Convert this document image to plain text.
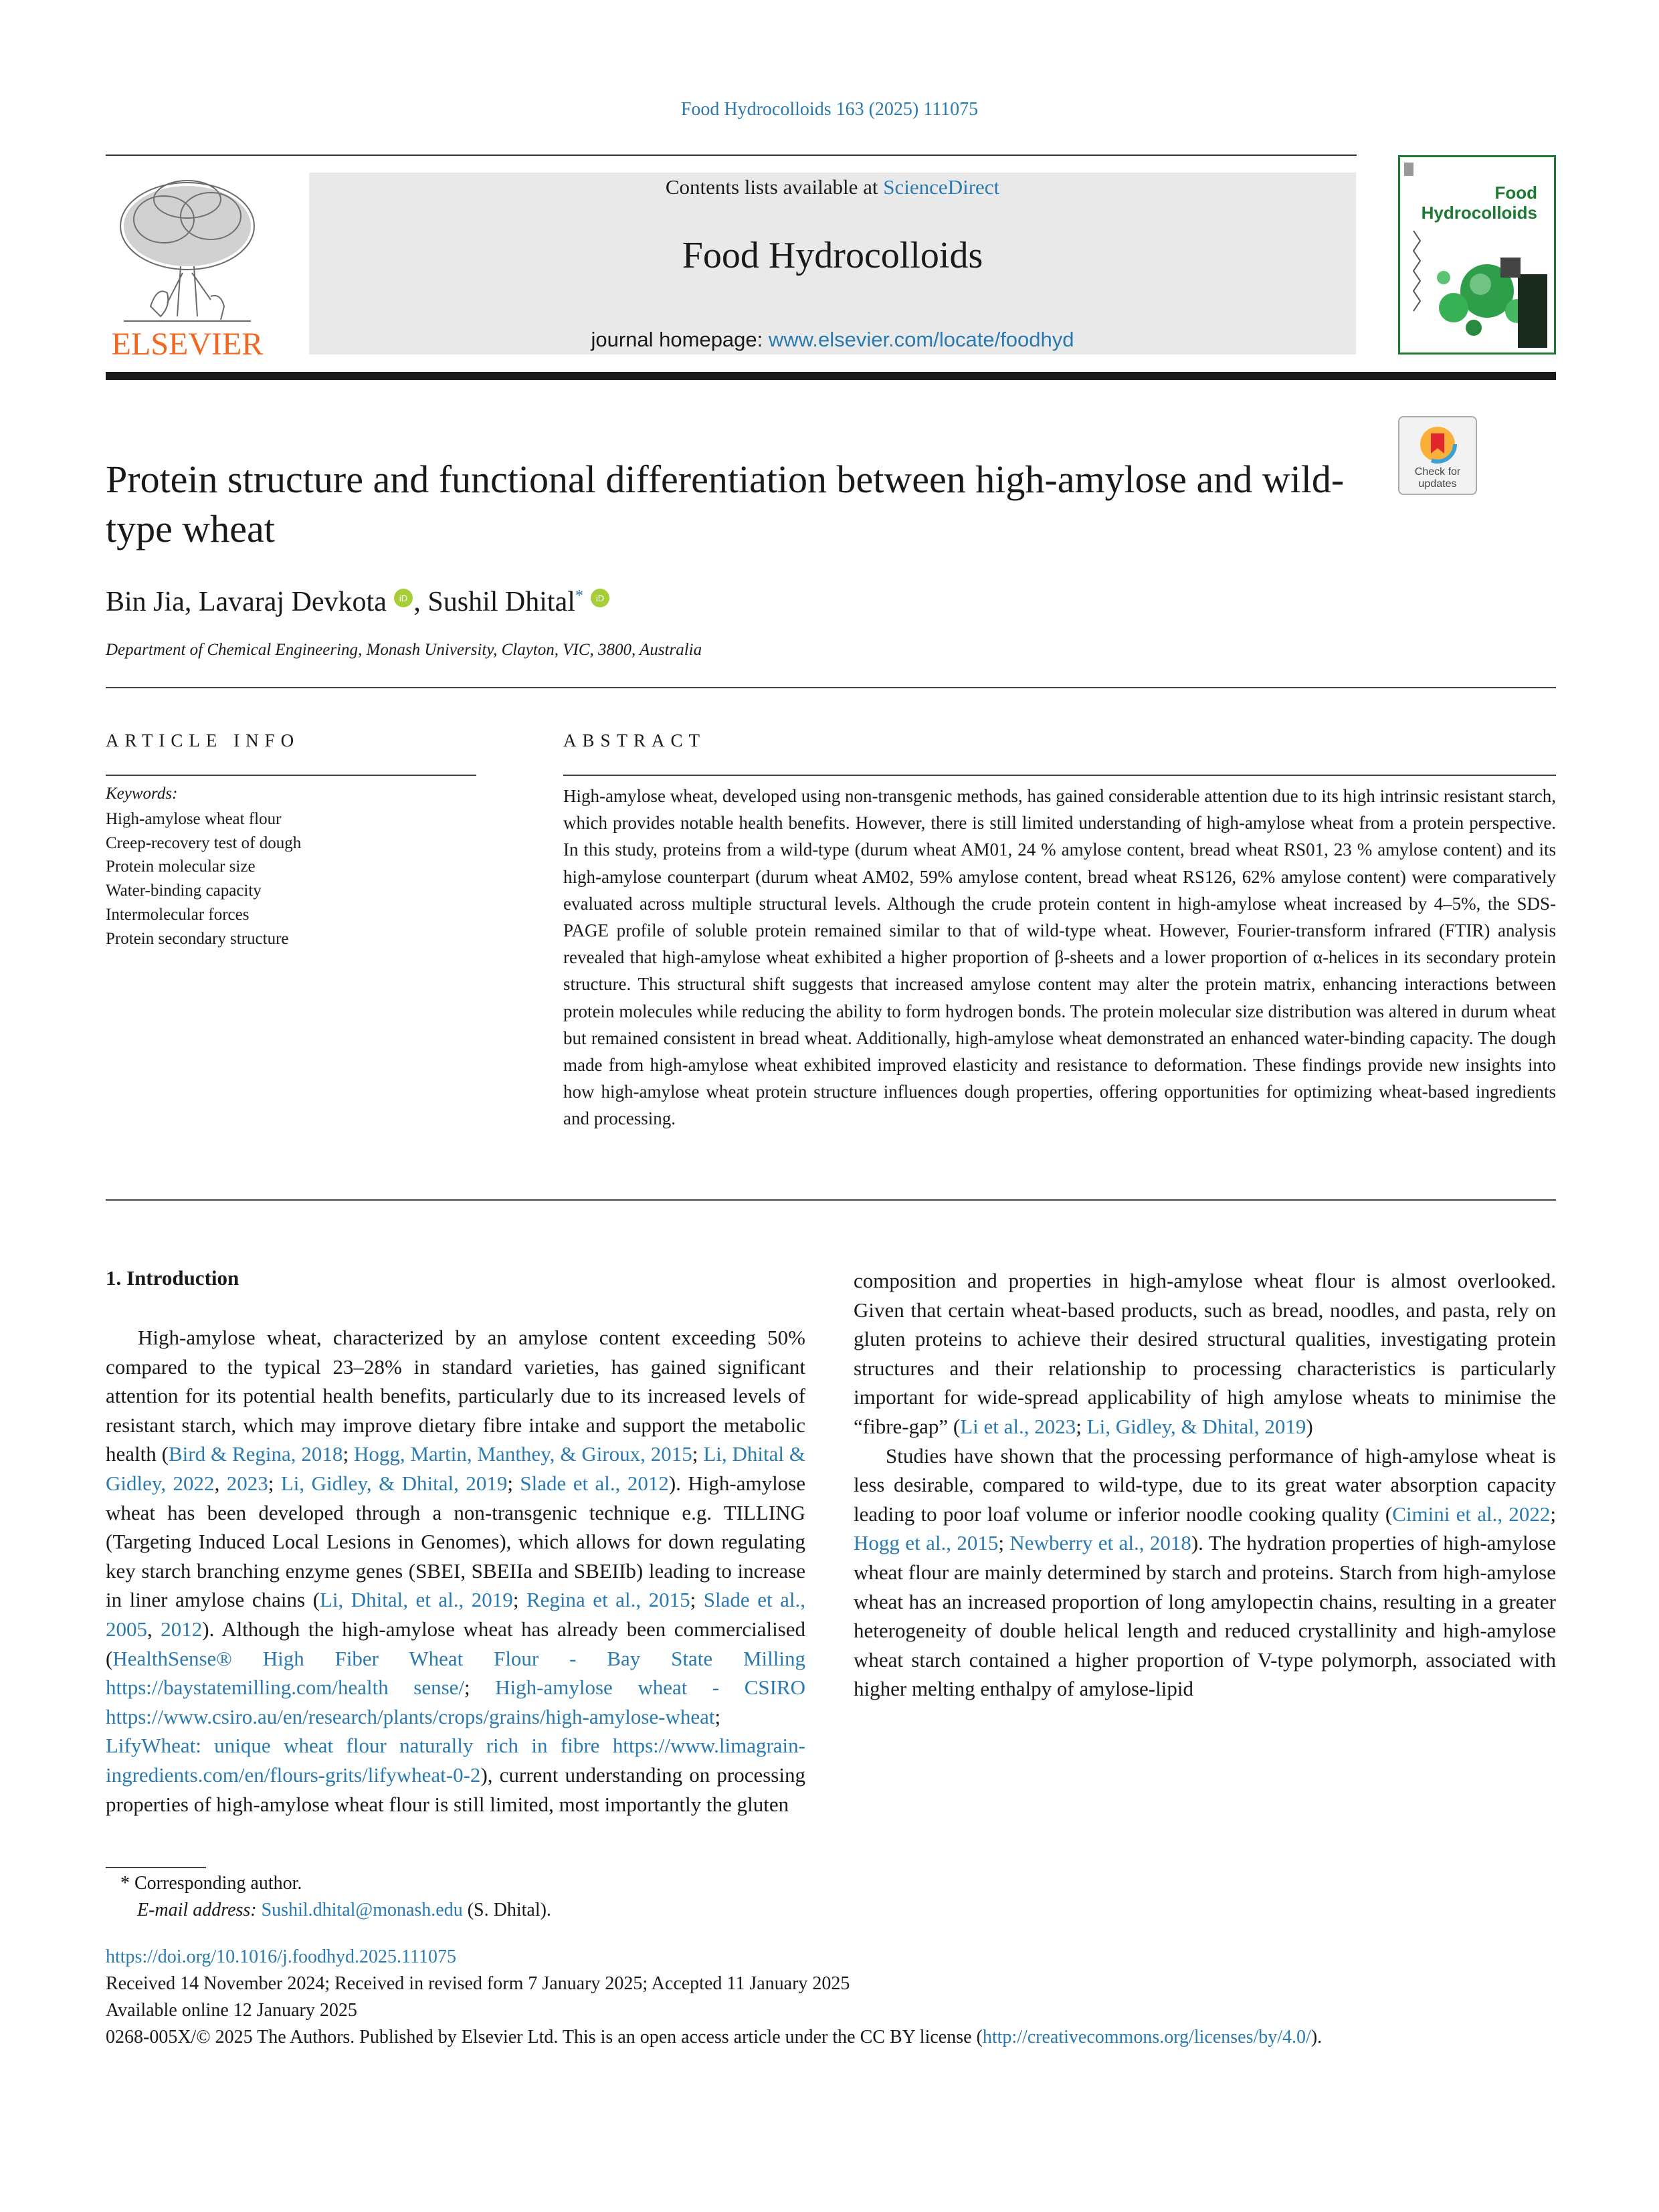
Food Hydrocolloids 163 (2025) 111075
ELSEVIER
Contents lists available at ScienceDirect
Food Hydrocolloids
journal homepage: www.elsevier.com/locate/foodhyd
Food
Hydrocolloids
Protein structure and functional differentiation between high-amylose and wild-type wheat
Check for
updates
Bin Jia, Lavaraj Devkota iD , Sushil Dhital* iD
Department of Chemical Engineering, Monash University, Clayton, VIC, 3800, Australia
ARTICLE INFO
Keywords:
High-amylose wheat flour
Creep-recovery test of dough
Protein molecular size
Water-binding capacity
Intermolecular forces
Protein secondary structure
ABSTRACT
High-amylose wheat, developed using non-transgenic methods, has gained considerable attention due to its high intrinsic resistant starch, which provides notable health benefits. However, there is still limited understanding of high-amylose wheat from a protein perspective. In this study, proteins from a wild-type (durum wheat AM01, 24 % amylose content, bread wheat RS01, 23 % amylose content) and its high-amylose counterpart (durum wheat AM02, 59% amylose content, bread wheat RS126, 62% amylose content) were comparatively evaluated across multiple structural levels. Although the crude protein content in high-amylose wheat increased by 4–5%, the SDS-PAGE profile of soluble protein remained similar to that of wild-type wheat. However, Fourier-transform infrared (FTIR) analysis revealed that high-amylose wheat exhibited a higher proportion of β-sheets and a lower proportion of α-helices in its secondary protein structure. This structural shift suggests that increased amylose content may alter the protein matrix, enhancing interactions between protein molecules while reducing the ability to form hydrogen bonds. The protein molecular size distribution was altered in durum wheat but remained consistent in bread wheat. Additionally, high-amylose wheat demonstrated an enhanced water-binding capacity. The dough made from high-amylose wheat exhibited improved elasticity and resistance to deformation. These findings provide new insights into how high-amylose wheat protein structure influences dough properties, offering opportunities for optimizing wheat-based ingredients and processing.
1. Introduction

High-amylose wheat, characterized by an amylose content exceeding 50% compared to the typical 23–28% in standard varieties, has gained significant attention for its potential health benefits, particularly due to its increased levels of resistant starch, which may improve dietary fibre intake and support the metabolic health (Bird & Regina, 2018; Hogg, Martin, Manthey, & Giroux, 2015; Li, Dhital & Gidley, 2022, 2023; Li, Gidley, & Dhital, 2019; Slade et al., 2012). High-amylose wheat has been developed through a non-transgenic technique e.g. TILLING (Targeting Induced Local Lesions in Genomes), which allows for down regulating key starch branching enzyme genes (SBEI, SBEIIa and SBEIIb) leading to increase in liner amylose chains (Li, Dhital, et al., 2019; Regina et al., 2015; Slade et al., 2005, 2012). Although the high-amylose wheat has already been commercialised (HealthSense® High Fiber Wheat Flour - Bay State Milling https://baystatemilling.com/health sense/; High-amylose wheat - CSIRO https://www.csiro.au/en/research/plants/crops/grains/high-amylose-wheat; LifyWheat: unique wheat flour naturally rich in fibre https://www.limagrain-ingredients.com/en/flours-grits/lifywheat-0-2), current understanding on processing properties of high-amylose wheat flour is still limited, most importantly the gluten

composition and properties in high-amylose wheat flour is almost overlooked. Given that certain wheat-based products, such as bread, noodles, and pasta, rely on gluten proteins to achieve their desired structural qualities, investigating protein structures and their relationship to processing characteristics is particularly important for wide-spread applicability of high amylose wheats to minimise the “fibre-gap” (Li et al., 2023; Li, Gidley, & Dhital, 2019)

Studies have shown that the processing performance of high-amylose wheat is less desirable, compared to wild-type, due to its great water absorption capacity leading to poor loaf volume or inferior noodle cooking quality (Cimini et al., 2022; Hogg et al., 2015; Newberry et al., 2018). The hydration properties of high-amylose wheat flour are mainly determined by starch and proteins. Starch from high-amylose wheat has an increased proportion of long amylopectin chains, resulting in a greater heterogeneity of double helical length and reduced crystallinity and high-amylose wheat starch contained a higher proportion of V-type polymorph, associated with higher melting enthalpy of amylose-lipid

* Corresponding author.
E-mail address: Sushil.dhital@monash.edu (S. Dhital).
https://doi.org/10.1016/j.foodhyd.2025.111075
Received 14 November 2024; Received in revised form 7 January 2025; Accepted 11 January 2025
Available online 12 January 2025
0268-005X/© 2025 The Authors. Published by Elsevier Ltd. This is an open access article under the CC BY license (http://creativecommons.org/licenses/by/4.0/).
